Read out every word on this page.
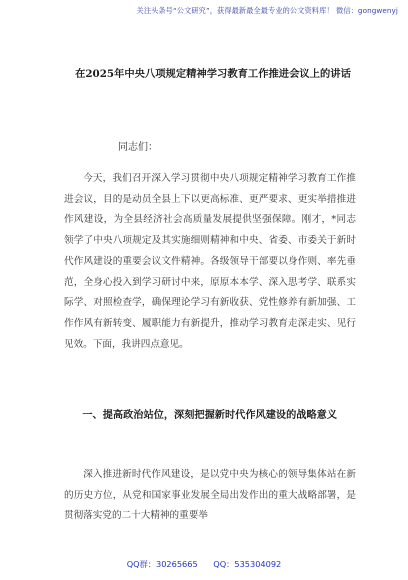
关注头条号“公文研究”，获得最新最全最专业的公文资料库！ 微信：gongwenyj
在2025年中央八项规定精神学习教育工作推进会议上的讲话
同志们：

今天，我们召开深入学习贯彻中央八项规定精神学习教育工作推进会议，目的是动员全县上下以更高标准、更严要求、更实举措推进作风建设，为全县经济社会高质量发展提供坚强保障。刚才，*同志领学了中央八项规定及其实施细则精神和中央、省委、市委关于新时代作风建设的重要会议文件精神。各级领导干部要以身作则、率先垂范，全身心投入到学习研讨中来，原原本本学、深入思考学、联系实际学、对照检查学，确保理论学习有新收获、党性修养有新加强、工作作风有新转变、履职能力有新提升，推动学习教育走深走实、见行见效。下面，我讲四点意见。

一、提高政治站位，深刻把握新时代作风建设的战略意义

深入推进新时代作风建设，是以党中央为核心的领导集体站在新的历史方位，从党和国家事业发展全局出发作出的重大战略部署，是贯彻落实党的二十大精神的重要举

QQ群：30265665      QQ：535304092
